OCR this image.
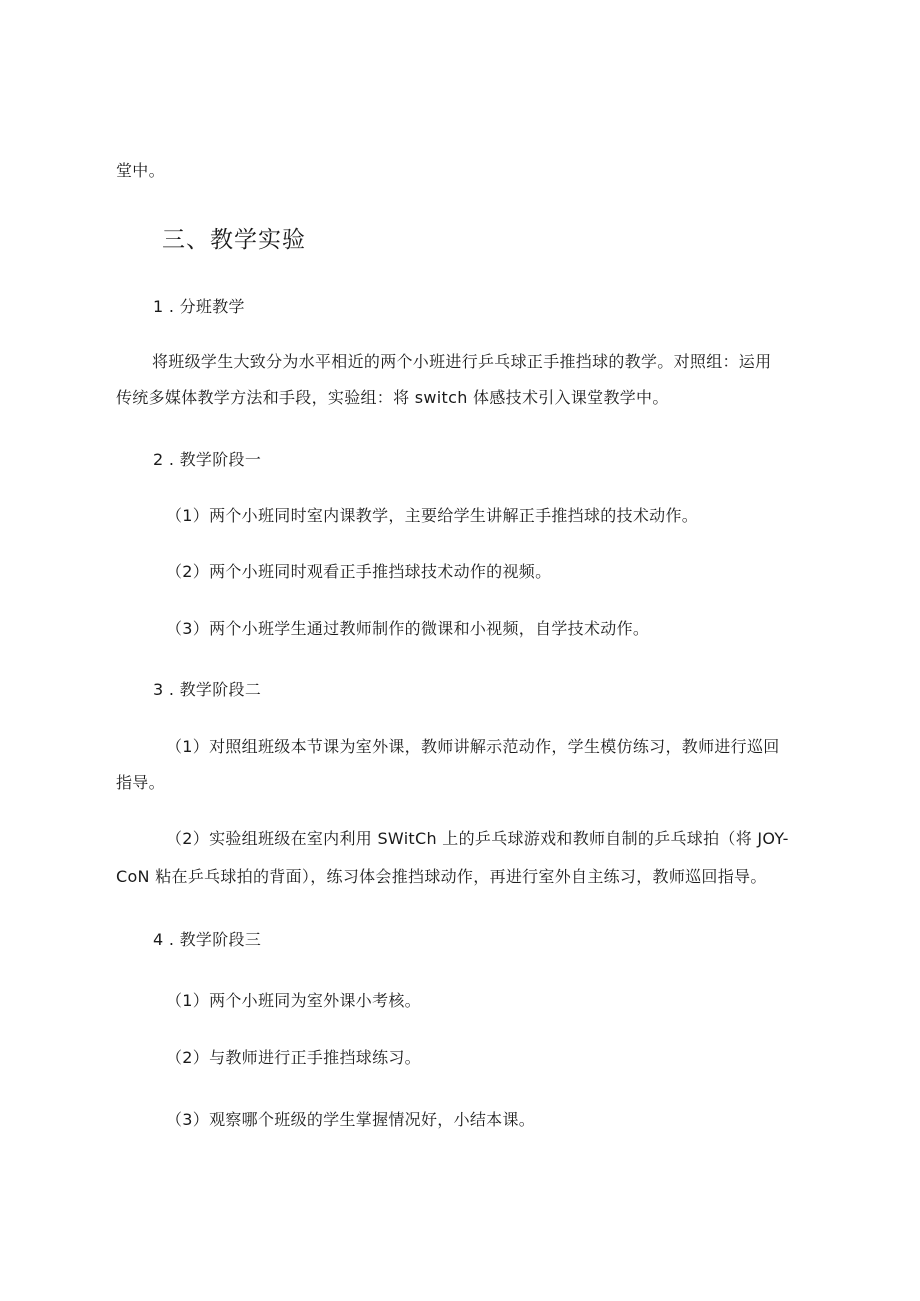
堂中。
三、教学实验
1 . 分班教学
将班级学生大致分为水平相近的两个小班进行乒乓球正手推挡球的教学。对照组：运用
传统多媒体教学方法和手段，实验组：将 switch 体感技术引入课堂教学中。
2 . 教学阶段一
（1）两个小班同时室内课教学，主要给学生讲解正手推挡球的技术动作。
（2）两个小班同时观看正手推挡球技术动作的视频。
（3）两个小班学生通过教师制作的微课和小视频，自学技术动作。
3 . 教学阶段二
（1）对照组班级本节课为室外课，教师讲解示范动作，学生模仿练习，教师进行巡回
指导。
（2）实验组班级在室内利用 SWitCh 上的乒乓球游戏和教师自制的乒乓球拍（将 JOY-
CoN 粘在乒乓球拍的背面），练习体会推挡球动作，再进行室外自主练习，教师巡回指导。
4 . 教学阶段三
（1）两个小班同为室外课小考核。
（2）与教师进行正手推挡球练习。
（3）观察哪个班级的学生掌握情况好，小结本课。
